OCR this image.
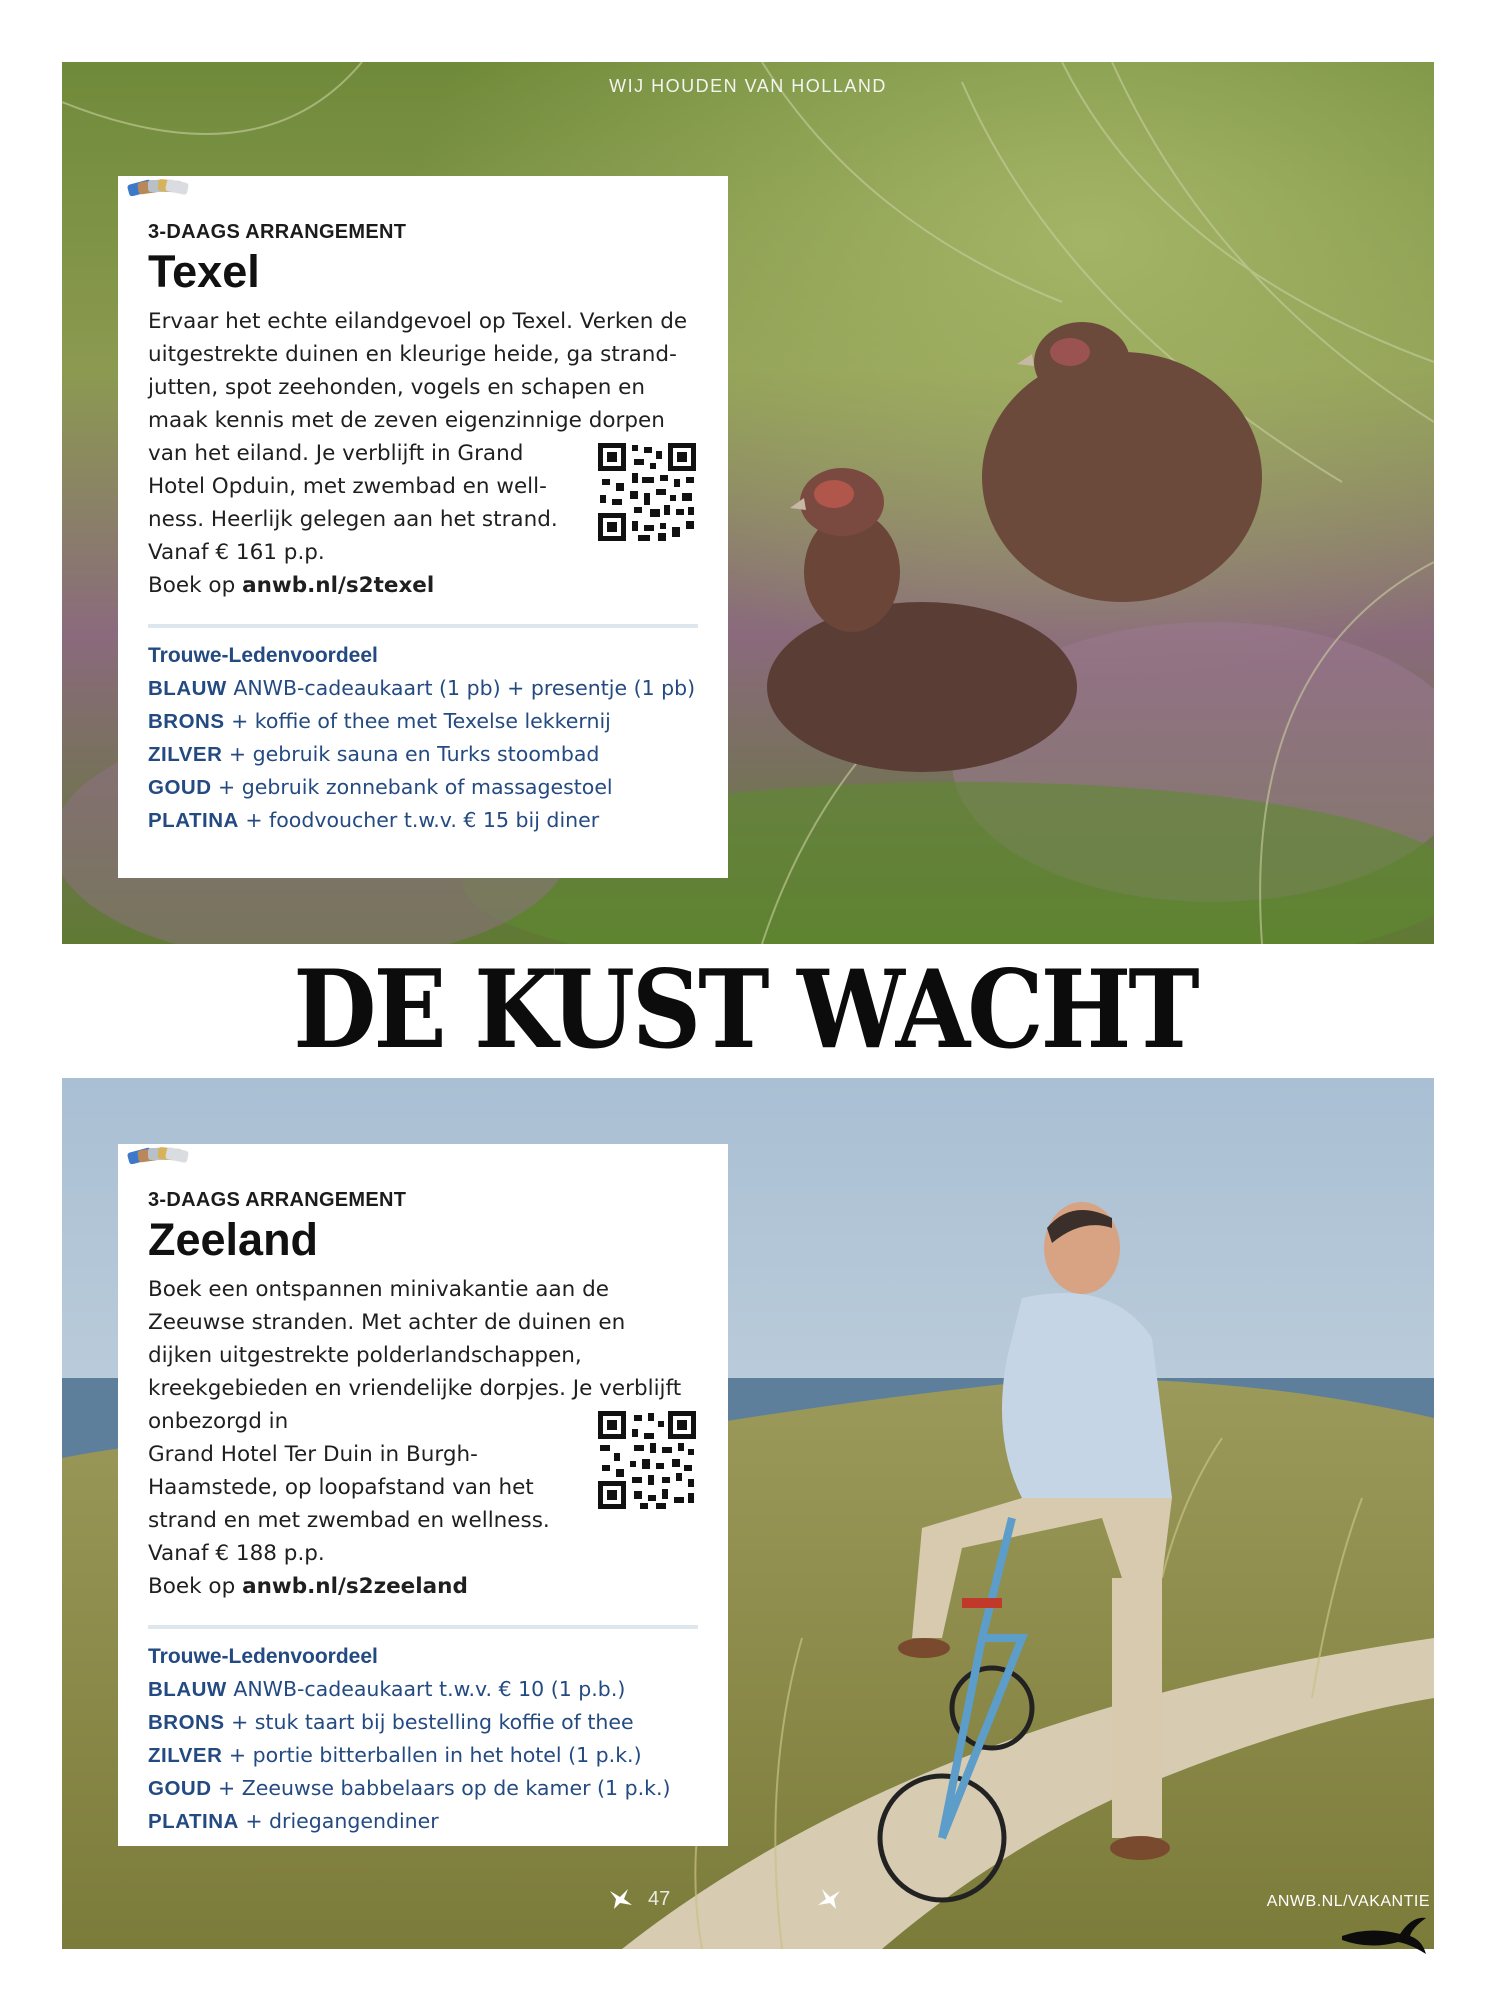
WIJ HOUDEN VAN HOLLAND

3-DAAGS ARRANGEMENT

Texel

Ervaar het echte eilandgevoel op Texel. Verken de uitgestrekte duinen en kleurige heide, ga strand-jutten, spot zeehonden, vogels en schapen en maak kennis met de zeven eigenzinnige dorpen

van het eiland. Je verblijft in Grand Hotel Opduin, met zwembad en well-ness. Heerlijk gelegen aan het strand.

Vanaf € 161 p.p.

Boek op anwb.nl/s2texel

Trouwe-Ledenvoordeel

BLAUW ANWB-cadeaukaart (1 pb) + presentje (1 pb)

BRONS + koffie of thee met Texelse lekkernij

ZILVER + gebruik sauna en Turks stoombad

GOUD + gebruik zonnebank of massagestoel

PLATINA + foodvoucher t.w.v. € 15 bij diner

DE KUST WACHT

3-DAAGS ARRANGEMENT

Zeeland

Boek een ontspannen minivakantie aan de Zeeuwse stranden. Met achter de duinen en dijken uitgestrekte polderlandschappen, kreekgebieden en vriendelijke dorpjes. Je verblijft onbezorgd in

Grand Hotel Ter Duin in Burgh-Haamstede, op loopafstand van het strand en met zwembad en wellness.

Vanaf € 188 p.p.

Boek op anwb.nl/s2zeeland

Trouwe-Ledenvoordeel

BLAUW ANWB-cadeaukaart t.w.v. € 10 (1 p.b.)

BRONS + stuk taart bij bestelling koffie of thee

ZILVER + portie bitterballen in het hotel (1 p.k.)

GOUD + Zeeuwse babbelaars op de kamer (1 p.k.)

PLATINA + driegangendiner

47	ANWB.NL/VAKANTIE
